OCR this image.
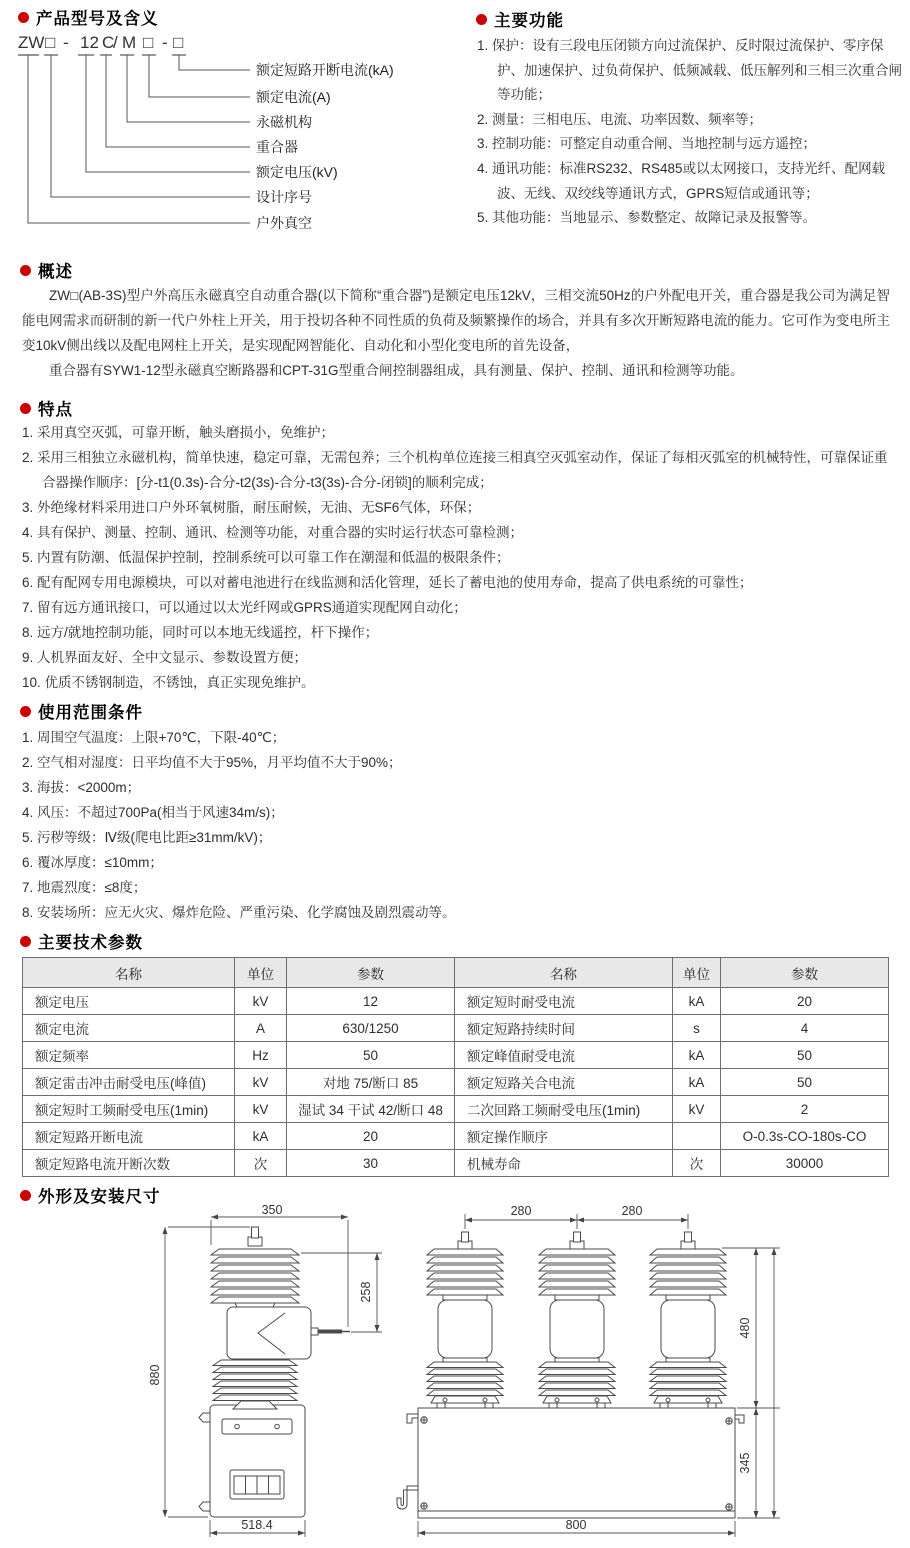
产品型号及含义
ZW □ - 12 C
/ M □ - □
额定短路开断电流(kA)
额定电流(A)
永磁机构
重合器
额定电压(kV)
设计序号
户外真空
主要功能
1. 保护：设有三段电压闭锁方向过流保护、反时限过流保护、零序保护、加速保护、过负荷保护、低频减载、低压解列和三相三次重合闸等功能；
2. 测量：三相电压、电流、功率因数、频率等；
3. 控制功能：可整定自动重合闸、当地控制与远方遥控；
4. 通讯功能：标准RS232、RS485或以太网接口，支持光纤、配网载波、无线、双绞线等通讯方式，GPRS短信或通讯等；
5. 其他功能：当地显示、参数整定、故障记录及报警等。
概述

ZW□(AB-3S)型户外高压永磁真空自动重合器(以下简称“重合器”)是额定电压12kV，三相交流50Hz的户外配电开关，重合器是我公司为满足智能电网需求而研制的新一代户外柱上开关，用于投切各种不同性质的负荷及频繁操作的场合，并具有多次开断短路电流的能力。它可作为变电所主变10kV侧出线以及配电网柱上开关，是实现配网智能化、自动化和小型化变电所的首先设备，

重合器有SYW1-12型永磁真空断路器和CPT-31G型重合闸控制器组成，具有测量、保护、控制、通讯和检测等功能。

特点
1. 采用真空灭弧，可靠开断，触头磨损小，免维护；
2. 采用三相独立永磁机构，简单快速，稳定可靠，无需包养；三个机构单位连接三相真空灭弧室动作，保证了每相灭弧室的机械特性，可靠保证重合器操作顺序：[分-t1(0.3s)-合分-t2(3s)-合分-t3(3s)-合分-闭锁]的顺利完成；
3. 外绝缘材料采用进口户外环氧树脂，耐压耐候，无油、无SF6气体，环保；
4. 具有保护、测量、控制、通讯、检测等功能，对重合器的实时运行状态可靠检测；
5. 内置有防潮、低温保护控制，控制系统可以可靠工作在潮湿和低温的极限条件；
6. 配有配网专用电源模块，可以对蓄电池进行在线监测和活化管理，延长了蓄电池的使用寿命，提高了供电系统的可靠性；
7. 留有远方通讯接口，可以通过以太光纤网或GPRS通道实现配网自动化；
8. 远方/就地控制功能，同时可以本地无线遥控，杆下操作；
9. 人机界面友好、全中文显示、参数设置方便；
10. 优质不锈钢制造，不锈蚀，真正实现免维护。
使用范围条件
1. 周围空气温度：上限+70℃，下限-40℃；
2. 空气相对湿度：日平均值不大于95%，月平均值不大于90%；
3. 海拔：<2000m；
4. 风压：不超过700Pa(相当于风速34m/s)；
5. 污秽等级：Ⅳ级(爬电比距≥31mm/kV)；
6. 覆冰厚度：≤10mm；
7. 地震烈度：≤8度；
8. 安装场所：应无火灾、爆炸危险、严重污染、化学腐蚀及剧烈震动等。
主要技术参数
名称	单位	参数	名称	单位	参数
额定电压	kV	12	额定短时耐受电流	kA	20
额定电流	A	630/1250	额定短路持续时间	s	4
额定频率	Hz	50	额定峰值耐受电流	kA	50
额定雷击冲击耐受电压(峰值)	kV	对地 75/断口 85	额定短路关合电流	kA	50
额定短时工频耐受电压(1min)	kV	湿试 34 干试 42/断口 48	二次回路工频耐受电压(1min)	kV	2
额定短路开断电流	kA	20	额定操作顺序		O-0.3s-CO-180s-CO
额定短路电流开断次数	次	30	机械寿命	次	30000
外形及安装尺寸
350
880
258
518.4
280	280
480
345
800
